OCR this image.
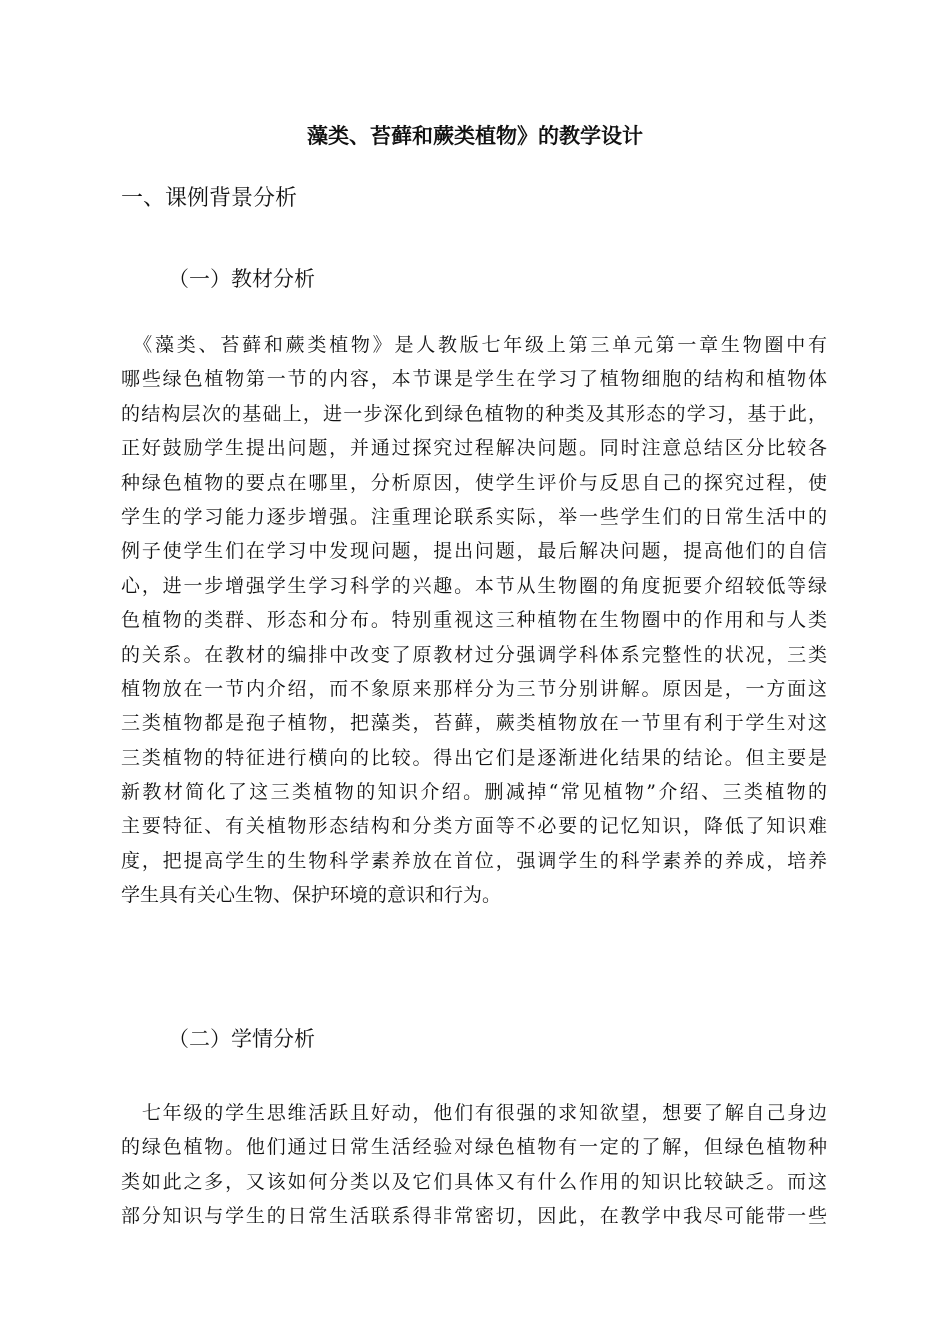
藻类、苔藓和蕨类植物》的教学设计
一、课例背景分析
（一）教材分析
　《藻类、苔藓和蕨类植物》是人教版七年级上第三单元第一章生物圈中有
哪些绿色植物第一节的内容，本节课是学生在学习了植物细胞的结构和植物体
的结构层次的基础上，进一步深化到绿色植物的种类及其形态的学习，基于此，
正好鼓励学生提出问题，并通过探究过程解决问题。同时注意总结区分比较各
种绿色植物的要点在哪里，分析原因，使学生评价与反思自己的探究过程，使
学生的学习能力逐步增强。注重理论联系实际，举一些学生们的日常生活中的
例子使学生们在学习中发现问题，提出问题，最后解决问题，提高他们的自信
心，进一步增强学生学习科学的兴趣。本节从生物圈的角度扼要介绍较低等绿
色植物的类群、形态和分布。特别重视这三种植物在生物圈中的作用和与人类
的关系。在教材的编排中改变了原教材过分强调学科体系完整性的状况，三类
植物放在一节内介绍，而不象原来那样分为三节分别讲解。原因是，一方面这
三类植物都是孢子植物，把藻类，苔藓，蕨类植物放在一节里有利于学生对这
三类植物的特征进行横向的比较。得出它们是逐渐进化结果的结论。但主要是
新教材简化了这三类植物的知识介绍。删减掉“常见植物”介绍、三类植物的
主要特征、有关植物形态结构和分类方面等不必要的记忆知识，降低了知识难
度，把提高学生的生物科学素养放在首位，强调学生的科学素养的养成，培养
学生具有关心生物、保护环境的意识和行为。
（二）学情分析
　七年级的学生思维活跃且好动，他们有很强的求知欲望，想要了解自己身边
的绿色植物。他们通过日常生活经验对绿色植物有一定的了解，但绿色植物种
类如此之多，又该如何分类以及它们具体又有什么作用的知识比较缺乏。而这
部分知识与学生的日常生活联系得非常密切，因此，在教学中我尽可能带一些
